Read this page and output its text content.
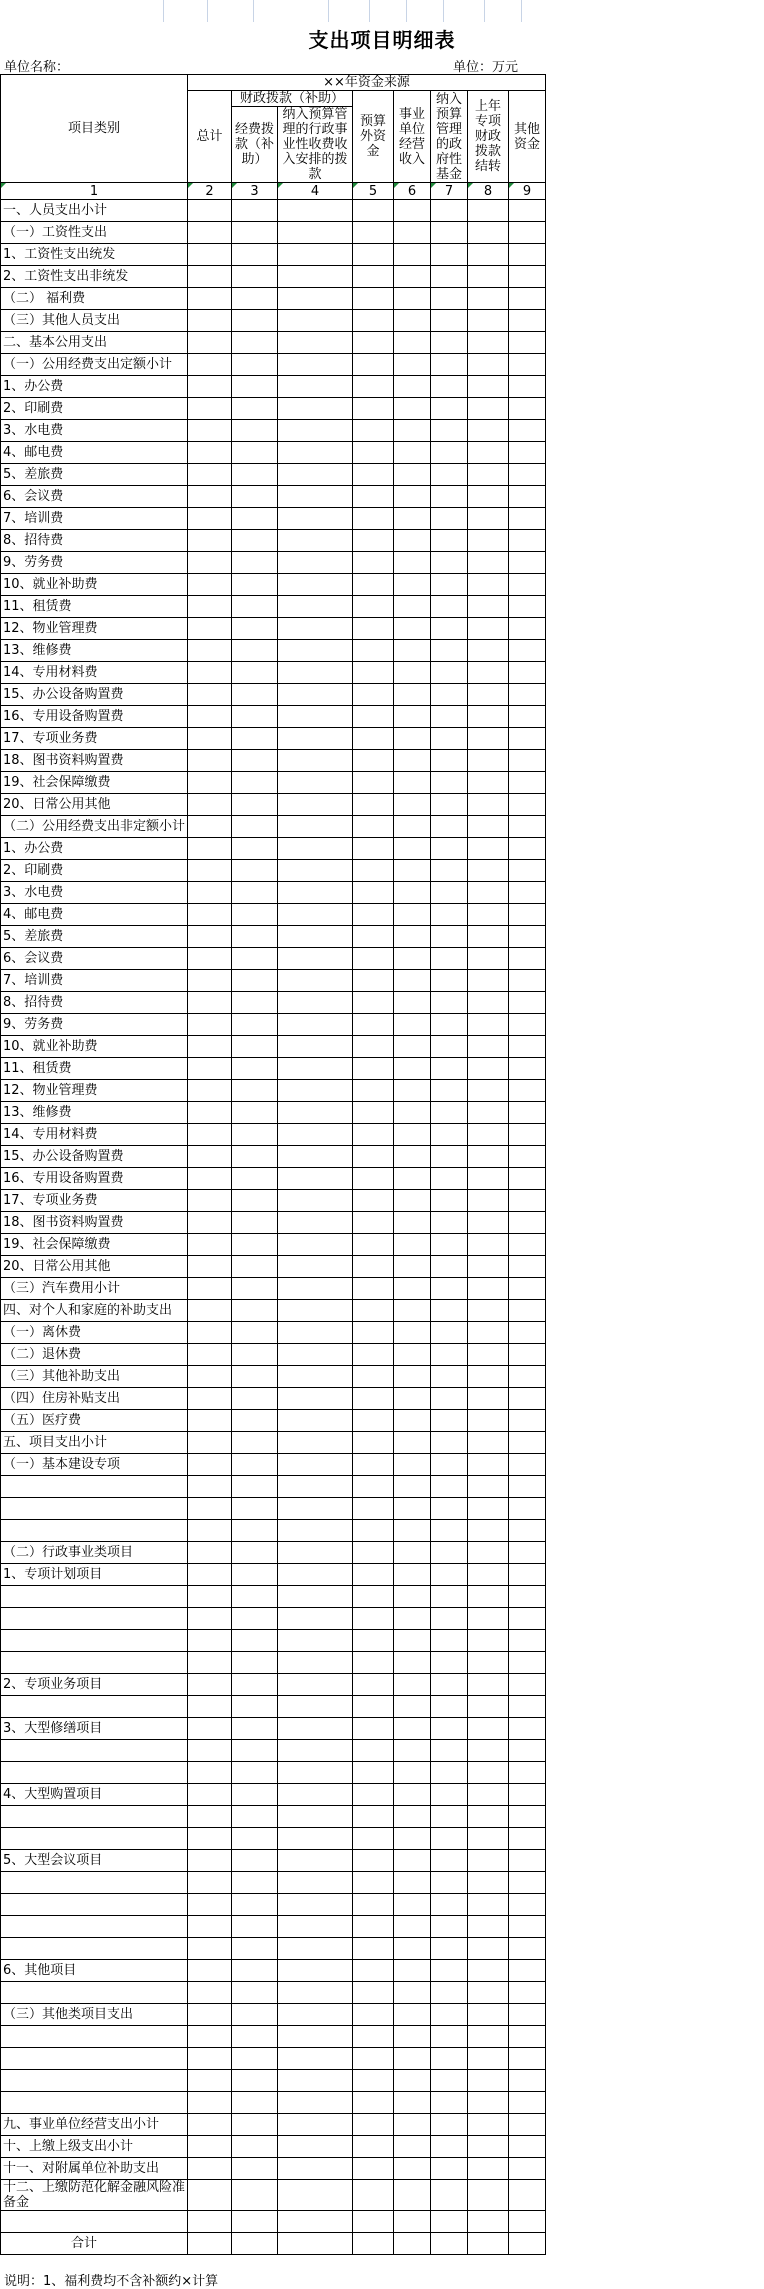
支出项目明细表
单位名称：	单位：万元
项目类别	××年资金来源							
	总计	财政拨款（补助）		预算外资金	事业单位经营收入	纳入预算管理的政府性基金	上年专项财政拨款结转	其他资金
		经费拨款（补助）	纳入预算管理的行政事业性收费收入安排的拨款					

1	2	3	4	5	6	7	8	9
一、人员支出小计								
（一）工资性支出								
1、工资性支出统发								
2、工资性支出非统发								
（二） 福利费								
（三）其他人员支出								
二、基本公用支出								
（一）公用经费支出定额小计								
1、办公费								
2、印刷费								
3、水电费								
4、邮电费								
5、差旅费								
6、会议费								
7、培训费								
8、招待费								
9、劳务费								
10、就业补助费								
11、租赁费								
12、物业管理费								
13、维修费								
14、专用材料费								
15、办公设备购置费								
16、专用设备购置费								
17、专项业务费								
18、图书资料购置费								
19、社会保障缴费								
20、日常公用其他								
（二）公用经费支出非定额小计								
1、办公费								
2、印刷费								
3、水电费								
4、邮电费								
5、差旅费								
6、会议费								
7、培训费								
8、招待费								
9、劳务费								
10、就业补助费								
11、租赁费								
12、物业管理费								
13、维修费								
14、专用材料费								
15、办公设备购置费								
16、专用设备购置费								
17、专项业务费								
18、图书资料购置费								
19、社会保障缴费								
20、日常公用其他								
（三）汽车费用小计								
四、对个人和家庭的补助支出								
（一）离休费								
（二）退休费								
（三）其他补助支出								
（四）住房补贴支出								
（五）医疗费								
五、项目支出小计								
（一）基本建设专项								

（二）行政事业类项目								
1、专项计划项目								

2、专项业务项目								

3、大型修缮项目								

4、大型购置项目								

5、大型会议项目								

6、其他项目								

（三）其他类项目支出								

九、事业单位经营支出小计								
十、上缴上级支出小计								
十一、对附属单位补助支出								
十二、上缴防范化解金融风险准备金								

合计								
说明：1、福利费均不含补额约×计算
